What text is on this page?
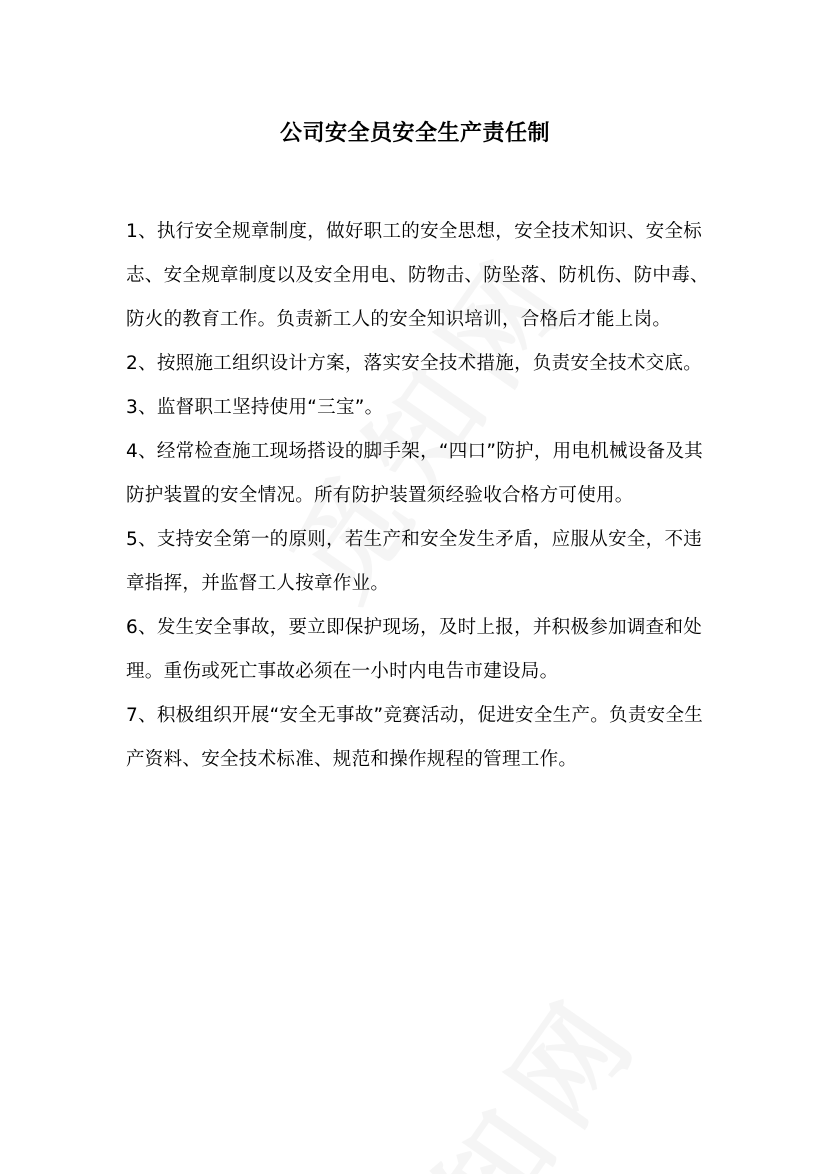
公司安全员安全生产责任制

1、执行安全规章制度，做好职工的安全思想，安全技术知识、安全标志、安全规章制度以及安全用电、防物击、防坠落、防机伤、防中毒、防火的教育工作。负责新工人的安全知识培训，合格后才能上岗。

2、按照施工组织设计方案，落实安全技术措施，负责安全技术交底。

3、监督职工坚持使用“三宝”。

4、经常检查施工现场搭设的脚手架，“四口”防护，用电机械设备及其防护装置的安全情况。所有防护装置须经验收合格方可使用。

5、支持安全第一的原则，若生产和安全发生矛盾，应服从安全，不违章指挥，并监督工人按章作业。

6、发生安全事故，要立即保护现场，及时上报，并积极参加调查和处理。重伤或死亡事故必须在一小时内电告市建设局。

7、积极组织开展“安全无事故”竞赛活动，促进安全生产。负责安全生产资料、安全技术标准、规范和操作规程的管理工作。
